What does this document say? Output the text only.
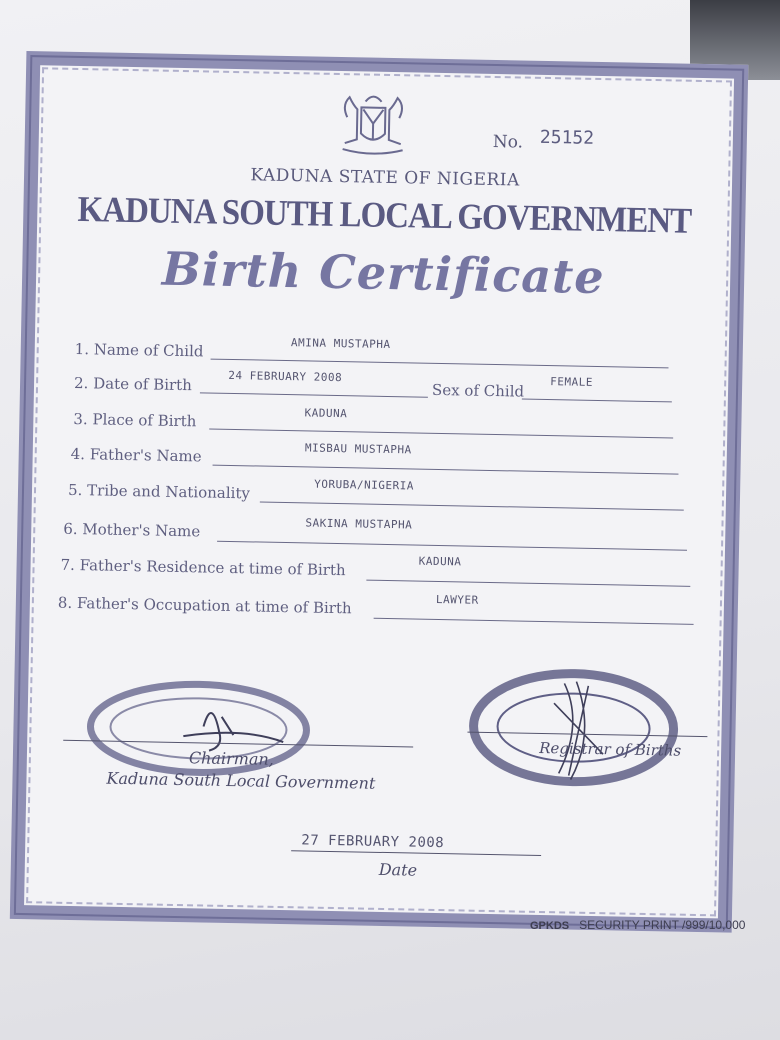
No. 25152
KADUNA STATE OF NIGERIA
KADUNA SOUTH LOCAL GOVERNMENT
Birth Certificate
1. Name of Child	AMINA MUSTAPHA
2. Date of Birth	24 FEBRUARY 2008
Sex of Child FEMALE
3. Place of Birth	KADUNA
4. Father's Name	MISBAU MUSTAPHA
5. Tribe and Nationality	YORUBA/NIGERIA
6. Mother's Name	SAKINA MUSTAPHA
7. Father's Residence at time of Birth	KADUNA
8. Father's Occupation at time of Birth	LAWYER
Chairman,
Kaduna South Local Government
Registrar of Births
27 FEBRUARY 2008
Date
GPKDS SECURITY PRINT /999/10,000
